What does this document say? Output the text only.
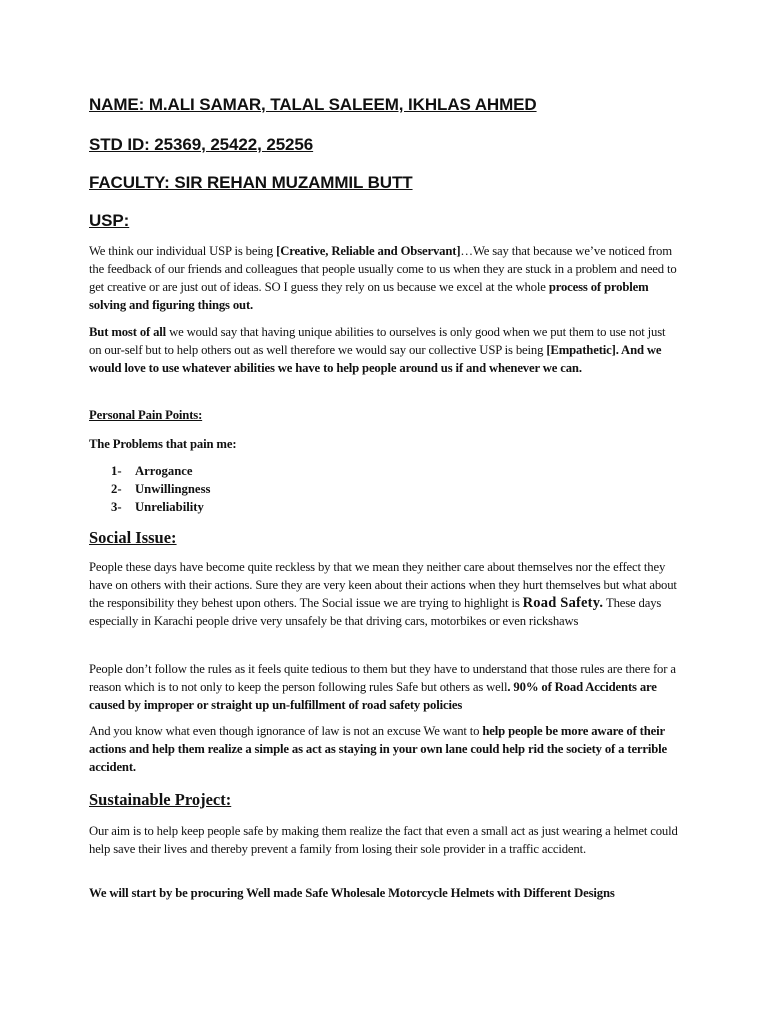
NAME: M.ALI SAMAR, TALAL SALEEM, IKHLAS AHMED
STD ID: 25369, 25422, 25256
FACULTY: SIR REHAN MUZAMMIL BUTT
USP:
We think our individual USP is being [Creative, Reliable and Observant]…We say that because we’ve noticed from the feedback of our friends and colleagues that people usually come to us when they are stuck in a problem and need to get creative or are just out of ideas. SO I guess they rely on us because we excel at the whole process of problem solving and figuring things out.
But most of all we would say that having unique abilities to ourselves is only good when we put them to use not just on our-self but to help others out as well therefore we would say our collective USP is being [Empathetic]. And we would love to use whatever abilities we have to help people around us if and whenever we can.
Personal Pain Points:
The Problems that pain me:
1- Arrogance
2- Unwillingness
3- Unreliability
Social Issue:
People these days have become quite reckless by that we mean they neither care about themselves nor the effect they have on others with their actions. Sure they are very keen about their actions when they hurt themselves but what about the responsibility they behest upon others. The Social issue we are trying to highlight is Road Safety. These days especially in Karachi people drive very unsafely be that driving cars, motorbikes or even rickshaws
People don’t follow the rules as it feels quite tedious to them but they have to understand that those rules are there for a reason which is to not only to keep the person following rules Safe but others as well. 90% of Road Accidents are caused by improper or straight up un-fulfillment of road safety policies
And you know what even though ignorance of law is not an excuse We want to help people be more aware of their actions and help them realize a simple as act as staying in your own lane could help rid the society of a terrible accident.
Sustainable Project:
Our aim is to help keep people safe by making them realize the fact that even a small act as just wearing a helmet could help save their lives and thereby prevent a family from losing their sole provider in a traffic accident.
We will start by be procuring Well made Safe Wholesale Motorcycle Helmets with Different Designs
